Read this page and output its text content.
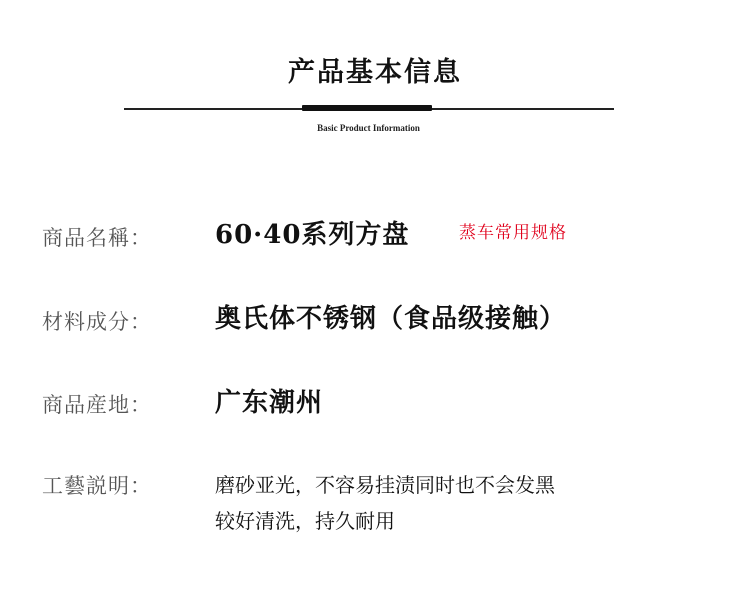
产品基本信息
Basic Product Information
商品名稱： 60·40系列方盘	蒸车常用规格
材料成分： 奥氏体不锈钢（食品级接触）
商品産地： 广东潮州
工藝説明：	磨砂亚光，不容易挂渍同时也不会发黑
较好清洗，持久耐用
